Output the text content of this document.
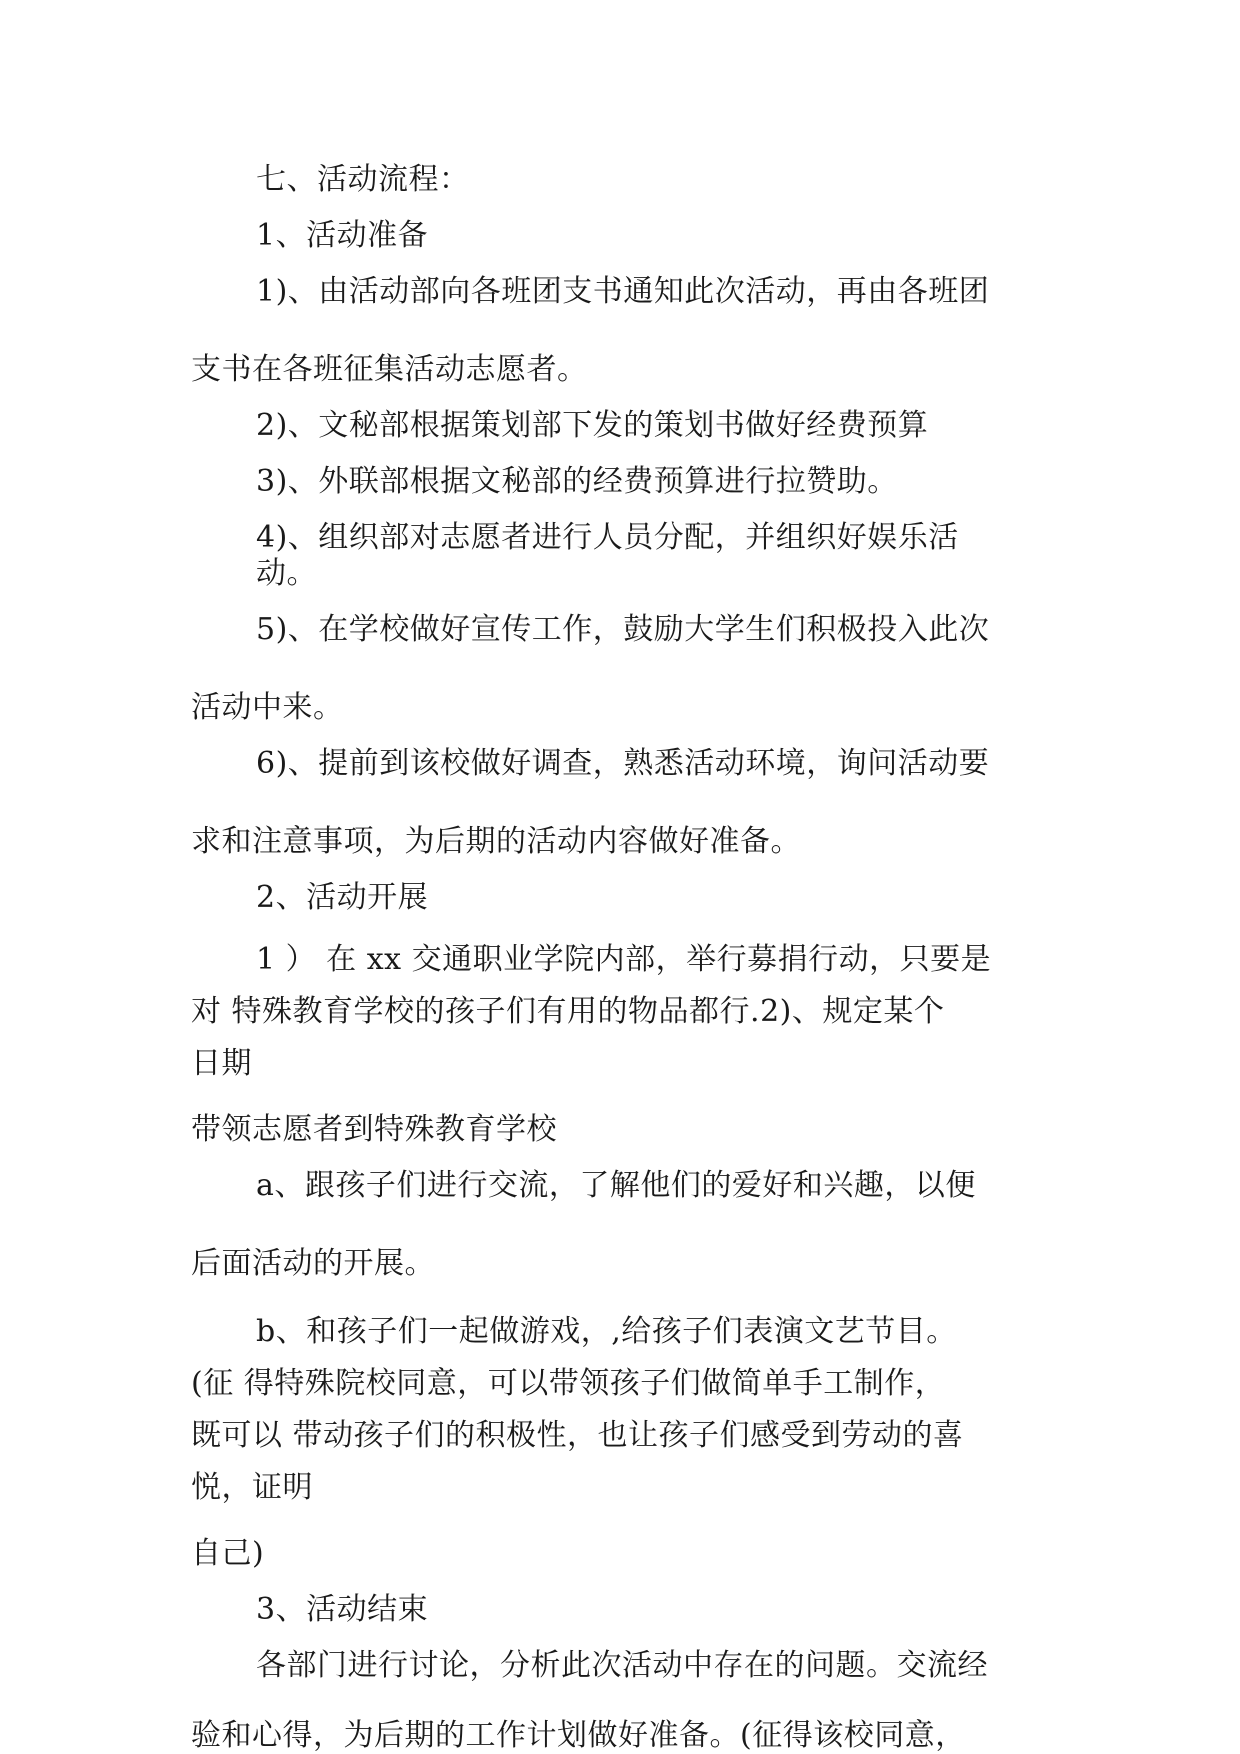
七、活动流程：
1、活动准备
1)、由活动部向各班团支书通知此次活动，再由各班团
支书在各班征集活动志愿者。
2)、文秘部根据策划部下发的策划书做好经费预算
3)、外联部根据文秘部的经费预算进行拉赞助。
4)、组织部对志愿者进行人员分配，并组织好娱乐活
动。
5)、在学校做好宣传工作，鼓励大学生们积极投入此次
活动中来。
6)、提前到该校做好调查，熟悉活动环境，询问活动要
求和注意事项，为后期的活动内容做好准备。
2、活动开展
1 ） 在 xx 交通职业学院内部，举行募捐行动，只要是
对 特殊教育学校的孩子们有用的物品都行.2)、规定某个
日期
带领志愿者到特殊教育学校
a、跟孩子们进行交流，了解他们的爱好和兴趣，以便
后面活动的开展。
b、和孩子们一起做游戏，,给孩子们表演文艺节目。
(征 得特殊院校同意，可以带领孩子们做简单手工制作，
既可以 带动孩子们的积极性，也让孩子们感受到劳动的喜
悦，证明
自己)
3、活动结束
各部门进行讨论，分析此次活动中存在的问题。交流经
验和心得，为后期的工作计划做好准备。(征得该校同意，
